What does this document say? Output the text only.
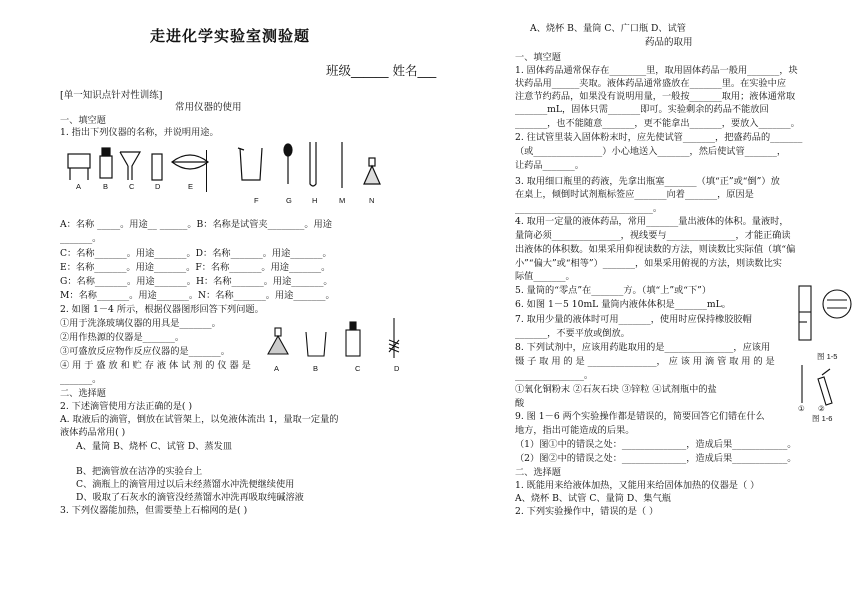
走进化学实验室测验题
班级______ 姓名___
[单一知识点针对性训练]
常用仪器的使用
一、填空题
1. 指出下列仪器的名称，并说明用途。
A	B	C	D	E
F	G	H	M	N
A：名称 _____。用途__ ______。B：名称是试管夹________。用途
_______。
C：名称_______。用途_______。D：名称_______。用途_______。
E：名称_______。用途_______。F：名称_______。用途_______。
G：名称_______。用途_______。H：名称_______。用途_______。
M：名称_______。用途_______。N：名称_______。用途_______。
2. 如图 1－4 所示，根据仪器图形回答下列问题。
①用于洗涤玻璃仪器的用具是_______。
②用作热源的仪器是_______。
③可盛放反应物作反应仪器的是_______。
④ 用 于 盛 放 和 贮 存 液 体 试 剂 的 仪 器 是
_______。
A	B	C	D
二、选择题
2. 下述滴管使用方法正确的是( )
A. 取液后的滴管，倒放在试管架上，以免液体流出 1，量取一定量的
液体药品常用( )
A、量筒 B、烧杯 C、试管 D、蒸发皿
B、把滴管放在洁净的实验台上
C、滴瓶上的滴管用过以后未经蒸馏水冲洗便继续使用
D、吸取了石灰水的滴管没经蒸馏水冲洗再吸取纯碱溶液
3. 下列仪器能加热，但需要垫上石棉网的是( )
A、烧杯 B、量筒 C、广口瓶 D、试管
药品的取用
一、填空题
1. 固体药品通常保存在________里，取用固体药品一般用_______，块
状药品用______夹取。液体药品通常盛放在_______里。在实验中应
注意节约药品，如果没有说明用量，一般按_______取用；液体通常取
_______mL，固体只需_______即可。实验剩余的药品不能放回
_______，也不能随意_______，更不能拿出_______，要放入_______。
2. 往试管里装入固体粉末时，应先使试管_______，把盛药品的_______
（或_______________）小心地送入_______，然后使试管_______，
让药品_______。
3. 取用细口瓶里的药液，先拿出瓶塞_______（填“正”或“倒”）放
在桌上，倾倒时试剂瓶标签应_______向着_______，原因是
______________________________。
4. 取用一定量的液体药品，常用_______量出液体的体积。量液时，
量筒必须_______________，视线要与_______________，才能正确读
出液体的体积数。如果采用仰视读数的方法，则读数比实际值（填“偏
小”“偏大”或“相等”）_______，如果采用俯视的方法，则读数比实
际值_______。
5. 量筒的“零点”在_______方。（填“上”或“下”）
6. 如图 1－5 10mL 量筒内液体体积是_______mL。
7. 取用少量的液体时可用_______，使用时应保持橡胶胶帽
_______，不要平放或倒放。
8. 下列试剂中，应该用药匙取用的是_______________，应该用
镊 子 取 用 的 是 _______________， 应 该 用 滴 管 取 用 的 是
_______________。
①氧化铜粉末 ②石灰石块 ③锌粒 ④试剂瓶中的盐
酸
9. 图 1－6 两个实验操作都是错误的，简要回答它们错在什么
地方，指出可能造成的后果。
（1）图①中的错误之处：______________，造成后果____________。
（2）图②中的错误之处：______________，造成后果____________。
二、选择题
1. 既能用来给液体加热，又能用来给固体加热的仪器是（ ）
A、烧杯 B、试管 C、量筒 D、集气瓶
2. 下列实验操作中，错误的是（ ）
图 1-5
① ②
图 1-6
